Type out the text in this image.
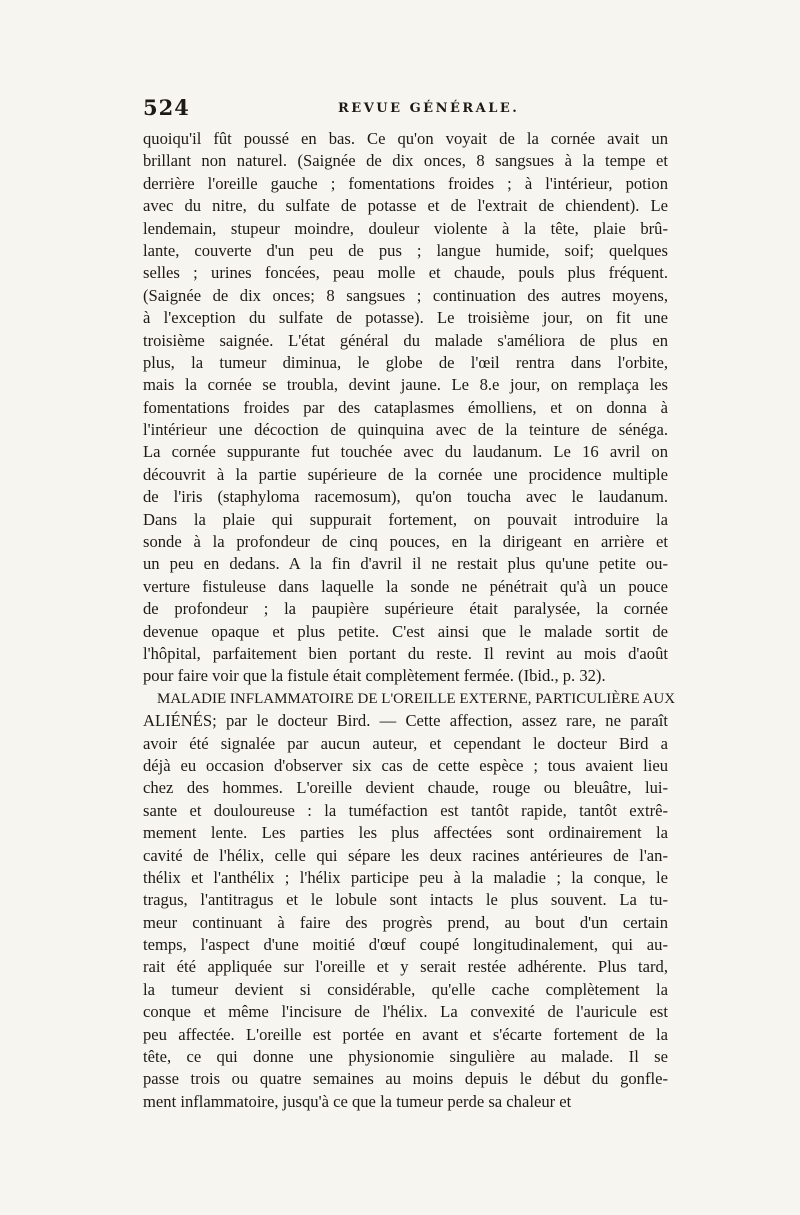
524	REVUE GÉNÉRALE.
quoiqu'il fût poussé en bas. Ce qu'on voyait de la cornée avait un
brillant non naturel. (Saignée de dix onces, 8 sangsues à la tempe et
derrière l'oreille gauche ; fomentations froides ; à l'intérieur, potion
avec du nitre, du sulfate de potasse et de l'extrait de chiendent). Le
lendemain, stupeur moindre, douleur violente à la tête, plaie brû-
lante, couverte d'un peu de pus ; langue humide, soif; quelques
selles ; urines foncées, peau molle et chaude, pouls plus fréquent.
(Saignée de dix onces; 8 sangsues ; continuation des autres moyens,
à l'exception du sulfate de potasse). Le troisième jour, on fit une
troisième saignée. L'état général du malade s'améliora de plus en
plus, la tumeur diminua, le globe de l'œil rentra dans l'orbite,
mais la cornée se troubla, devint jaune. Le 8.e jour, on remplaça les
fomentations froides par des cataplasmes émolliens, et on donna à
l'intérieur une décoction de quinquina avec de la teinture de sénéga.
La cornée suppurante fut touchée avec du laudanum. Le 16 avril on
découvrit à la partie supérieure de la cornée une procidence multiple
de l'iris (staphyloma racemosum), qu'on toucha avec le laudanum.
Dans la plaie qui suppurait fortement, on pouvait introduire la
sonde à la profondeur de cinq pouces, en la dirigeant en arrière et
un peu en dedans. A la fin d'avril il ne restait plus qu'une petite ou-
verture fistuleuse dans laquelle la sonde ne pénétrait qu'à un pouce
de profondeur ; la paupière supérieure était paralysée, la cornée
devenue opaque et plus petite. C'est ainsi que le malade sortit de
l'hôpital, parfaitement bien portant du reste. Il revint au mois d'août
pour faire voir que la fistule était complètement fermée. (Ibid., p. 32).
MALADIE INFLAMMATOIRE DE L'OREILLE EXTERNE, PARTICULIÈRE AUX
ALIÉNÉS; par le docteur Bird. — Cette affection, assez rare, ne paraît
avoir été signalée par aucun auteur, et cependant le docteur Bird a
déjà eu occasion d'observer six cas de cette espèce ; tous avaient lieu
chez des hommes. L'oreille devient chaude, rouge ou bleuâtre, lui-
sante et douloureuse : la tuméfaction est tantôt rapide, tantôt extrê-
mement lente. Les parties les plus affectées sont ordinairement la
cavité de l'hélix, celle qui sépare les deux racines antérieures de l'an-
thélix et l'anthélix ; l'hélix participe peu à la maladie ; la conque, le
tragus, l'antitragus et le lobule sont intacts le plus souvent. La tu-
meur continuant à faire des progrès prend, au bout d'un certain
temps, l'aspect d'une moitié d'œuf coupé longitudinalement, qui au-
rait été appliquée sur l'oreille et y serait restée adhérente. Plus tard,
la tumeur devient si considérable, qu'elle cache complètement la
conque et même l'incisure de l'hélix. La convexité de l'auricule est
peu affectée. L'oreille est portée en avant et s'écarte fortement de la
tête, ce qui donne une physionomie singulière au malade. Il se
passe trois ou quatre semaines au moins depuis le début du gonfle-
ment inflammatoire, jusqu'à ce que la tumeur perde sa chaleur et
